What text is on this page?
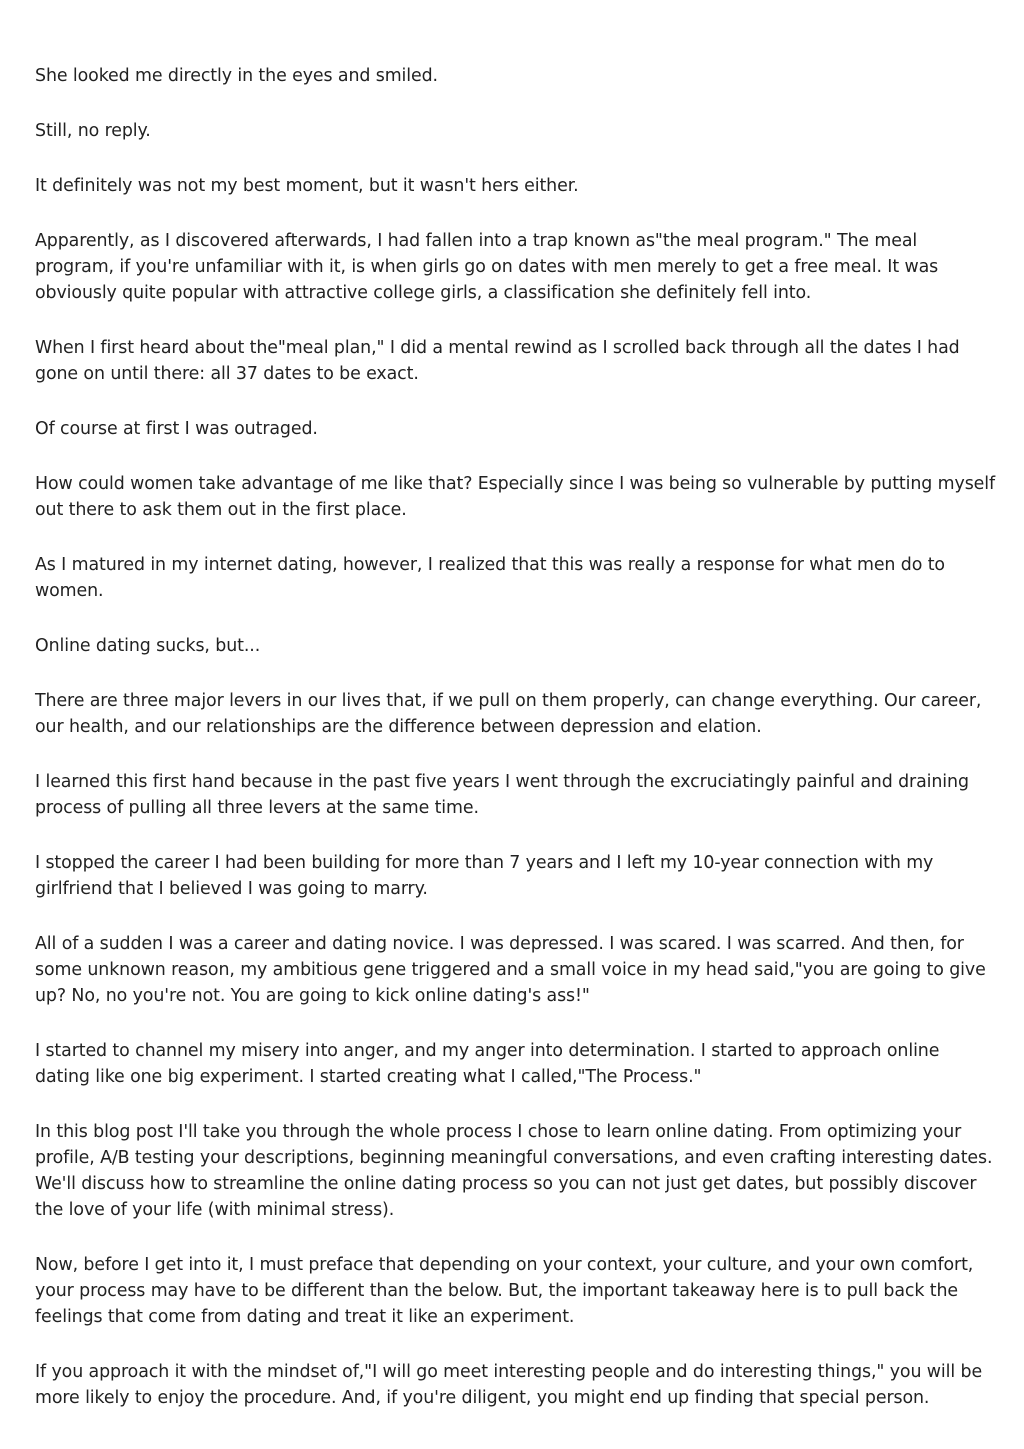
She looked me directly in the eyes and smiled.

Still, no reply.

It definitely was not my best moment, but it wasn't hers either.

Apparently, as I discovered afterwards, I had fallen into a trap known as"the meal program." The meal program, if you're unfamiliar with it, is when girls go on dates with men merely to get a free meal. It was obviously quite popular with attractive college girls, a classification she definitely fell into.

When I first heard about the"meal plan," I did a mental rewind as I scrolled back through all the dates I had gone on until there: all 37 dates to be exact.

Of course at first I was outraged.

How could women take advantage of me like that? Especially since I was being so vulnerable by putting myself out there to ask them out in the first place.

As I matured in my internet dating, however, I realized that this was really a response for what men do to women.

Online dating sucks, but...

There are three major levers in our lives that, if we pull on them properly, can change everything. Our career, our health, and our relationships are the difference between depression and elation.

I learned this first hand because in the past five years I went through the excruciatingly painful and draining process of pulling all three levers at the same time.

I stopped the career I had been building for more than 7 years and I left my 10-year connection with my girlfriend that I believed I was going to marry.

All of a sudden I was a career and dating novice. I was depressed. I was scared. I was scarred. And then, for some unknown reason, my ambitious gene triggered and a small voice in my head said,"you are going to give up? No, no you're not. You are going to kick online dating's ass!"

I started to channel my misery into anger, and my anger into determination. I started to approach online dating like one big experiment. I started creating what I called,"The Process."

In this blog post I'll take you through the whole process I chose to learn online dating. From optimizing your profile, A/B testing your descriptions, beginning meaningful conversations, and even crafting interesting dates. We'll discuss how to streamline the online dating process so you can not just get dates, but possibly discover the love of your life (with minimal stress).

Now, before I get into it, I must preface that depending on your context, your culture, and your own comfort, your process may have to be different than the below. But, the important takeaway here is to pull back the feelings that come from dating and treat it like an experiment.

If you approach it with the mindset of,"I will go meet interesting people and do interesting things," you will be more likely to enjoy the procedure. And, if you're diligent, you might end up finding that special person.
